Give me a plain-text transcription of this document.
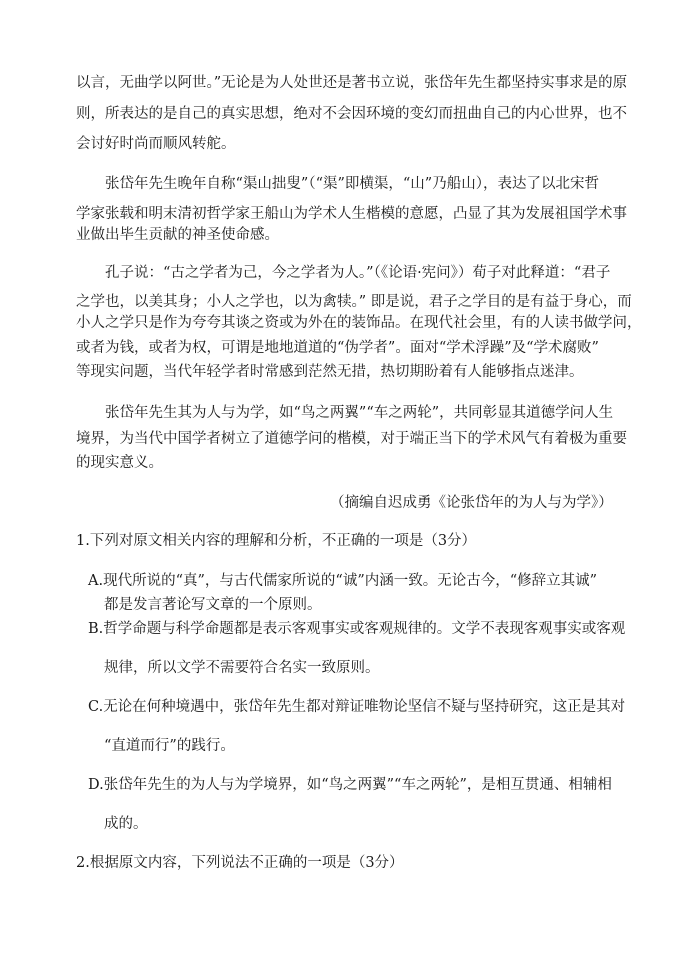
以言，无曲学以阿世。”无论是为人处世还是著书立说，张岱年先生都坚持实事求是的原
则，所表达的是自己的真实思想，绝对不会因环境的变幻而扭曲自己的内心世界，也不
会讨好时尚而顺风转舵。
　　张岱年先生晚年自称“渠山拙叟”（“渠”即横渠，“山”乃船山），表达了以北宋哲
学家张载和明末清初哲学家王船山为学术人生楷模的意愿，凸显了其为发展祖国学术事
业做出毕生贡献的神圣使命感。
　　孔子说：“古之学者为己，今之学者为人。”（《论语·宪问》）荀子对此释道：“君子
之学也，以美其身；小人之学也，以为禽犊。” 即是说，君子之学目的是有益于身心，而
小人之学只是作为夸夸其谈之资或为外在的装饰品。在现代社会里，有的人读书做学问，
或者为钱，或者为权，可谓是地地道道的“伪学者”。面对“学术浮躁”及“学术腐败”
等现实问题，当代年轻学者时常感到茫然无措，热切期盼着有人能够指点迷津。
　　张岱年先生其为人与为学，如“鸟之两翼”“车之两轮”，共同彰显其道德学问人生
境界，为当代中国学者树立了道德学问的楷模，对于端正当下的学术风气有着极为重要
的现实意义。
（摘编自迟成勇《论张岱年的为人与为学》）
1.下列对原文相关内容的理解和分析，不正确的一项是（3分）
A.现代所说的“真”，与古代儒家所说的“诚”内涵一致。无论古今，“修辞立其诚”
都是发言著论写文章的一个原则。
B.哲学命题与科学命题都是表示客观事实或客观规律的。文学不表现客观事实或客观
规律，所以文学不需要符合名实一致原则。
C.无论在何种境遇中，张岱年先生都对辩证唯物论坚信不疑与坚持研究，这正是其对
“直道而行”的践行。
D.张岱年先生的为人与为学境界，如“鸟之两翼”“车之两轮”，是相互贯通、相辅相
成的。
2.根据原文内容，下列说法不正确的一项是（3分）
